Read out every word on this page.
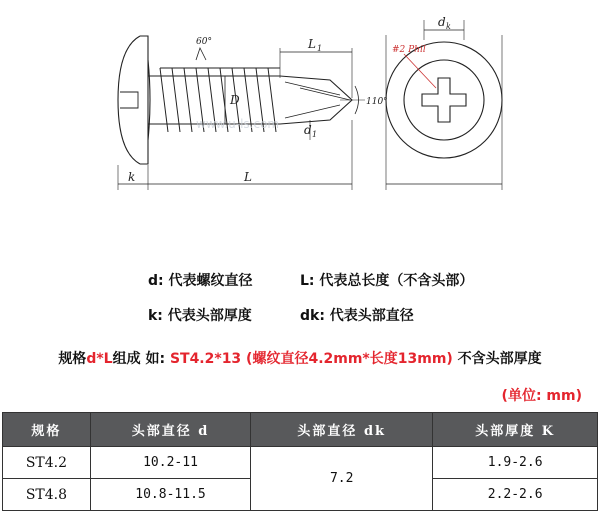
60°	L 1
D
d 1
110°
k	L
#2 Phil
d k
www.u-ls.com
d: 代表螺纹直径	L: 代表总长度（不含头部）
k: 代表头部厚度	dk: 代表头部直径
规格d*L组成 如: ST4.2*13 (螺纹直径4.2mm*长度13mm) 不含头部厚度
(单位: mm)
规格	头部直径 d	头部直径 dk	头部厚度 K
ST4.2	10.2-11	7.2	1.9-2.6
ST4.8	10.8-11.5		2.2-2.6
